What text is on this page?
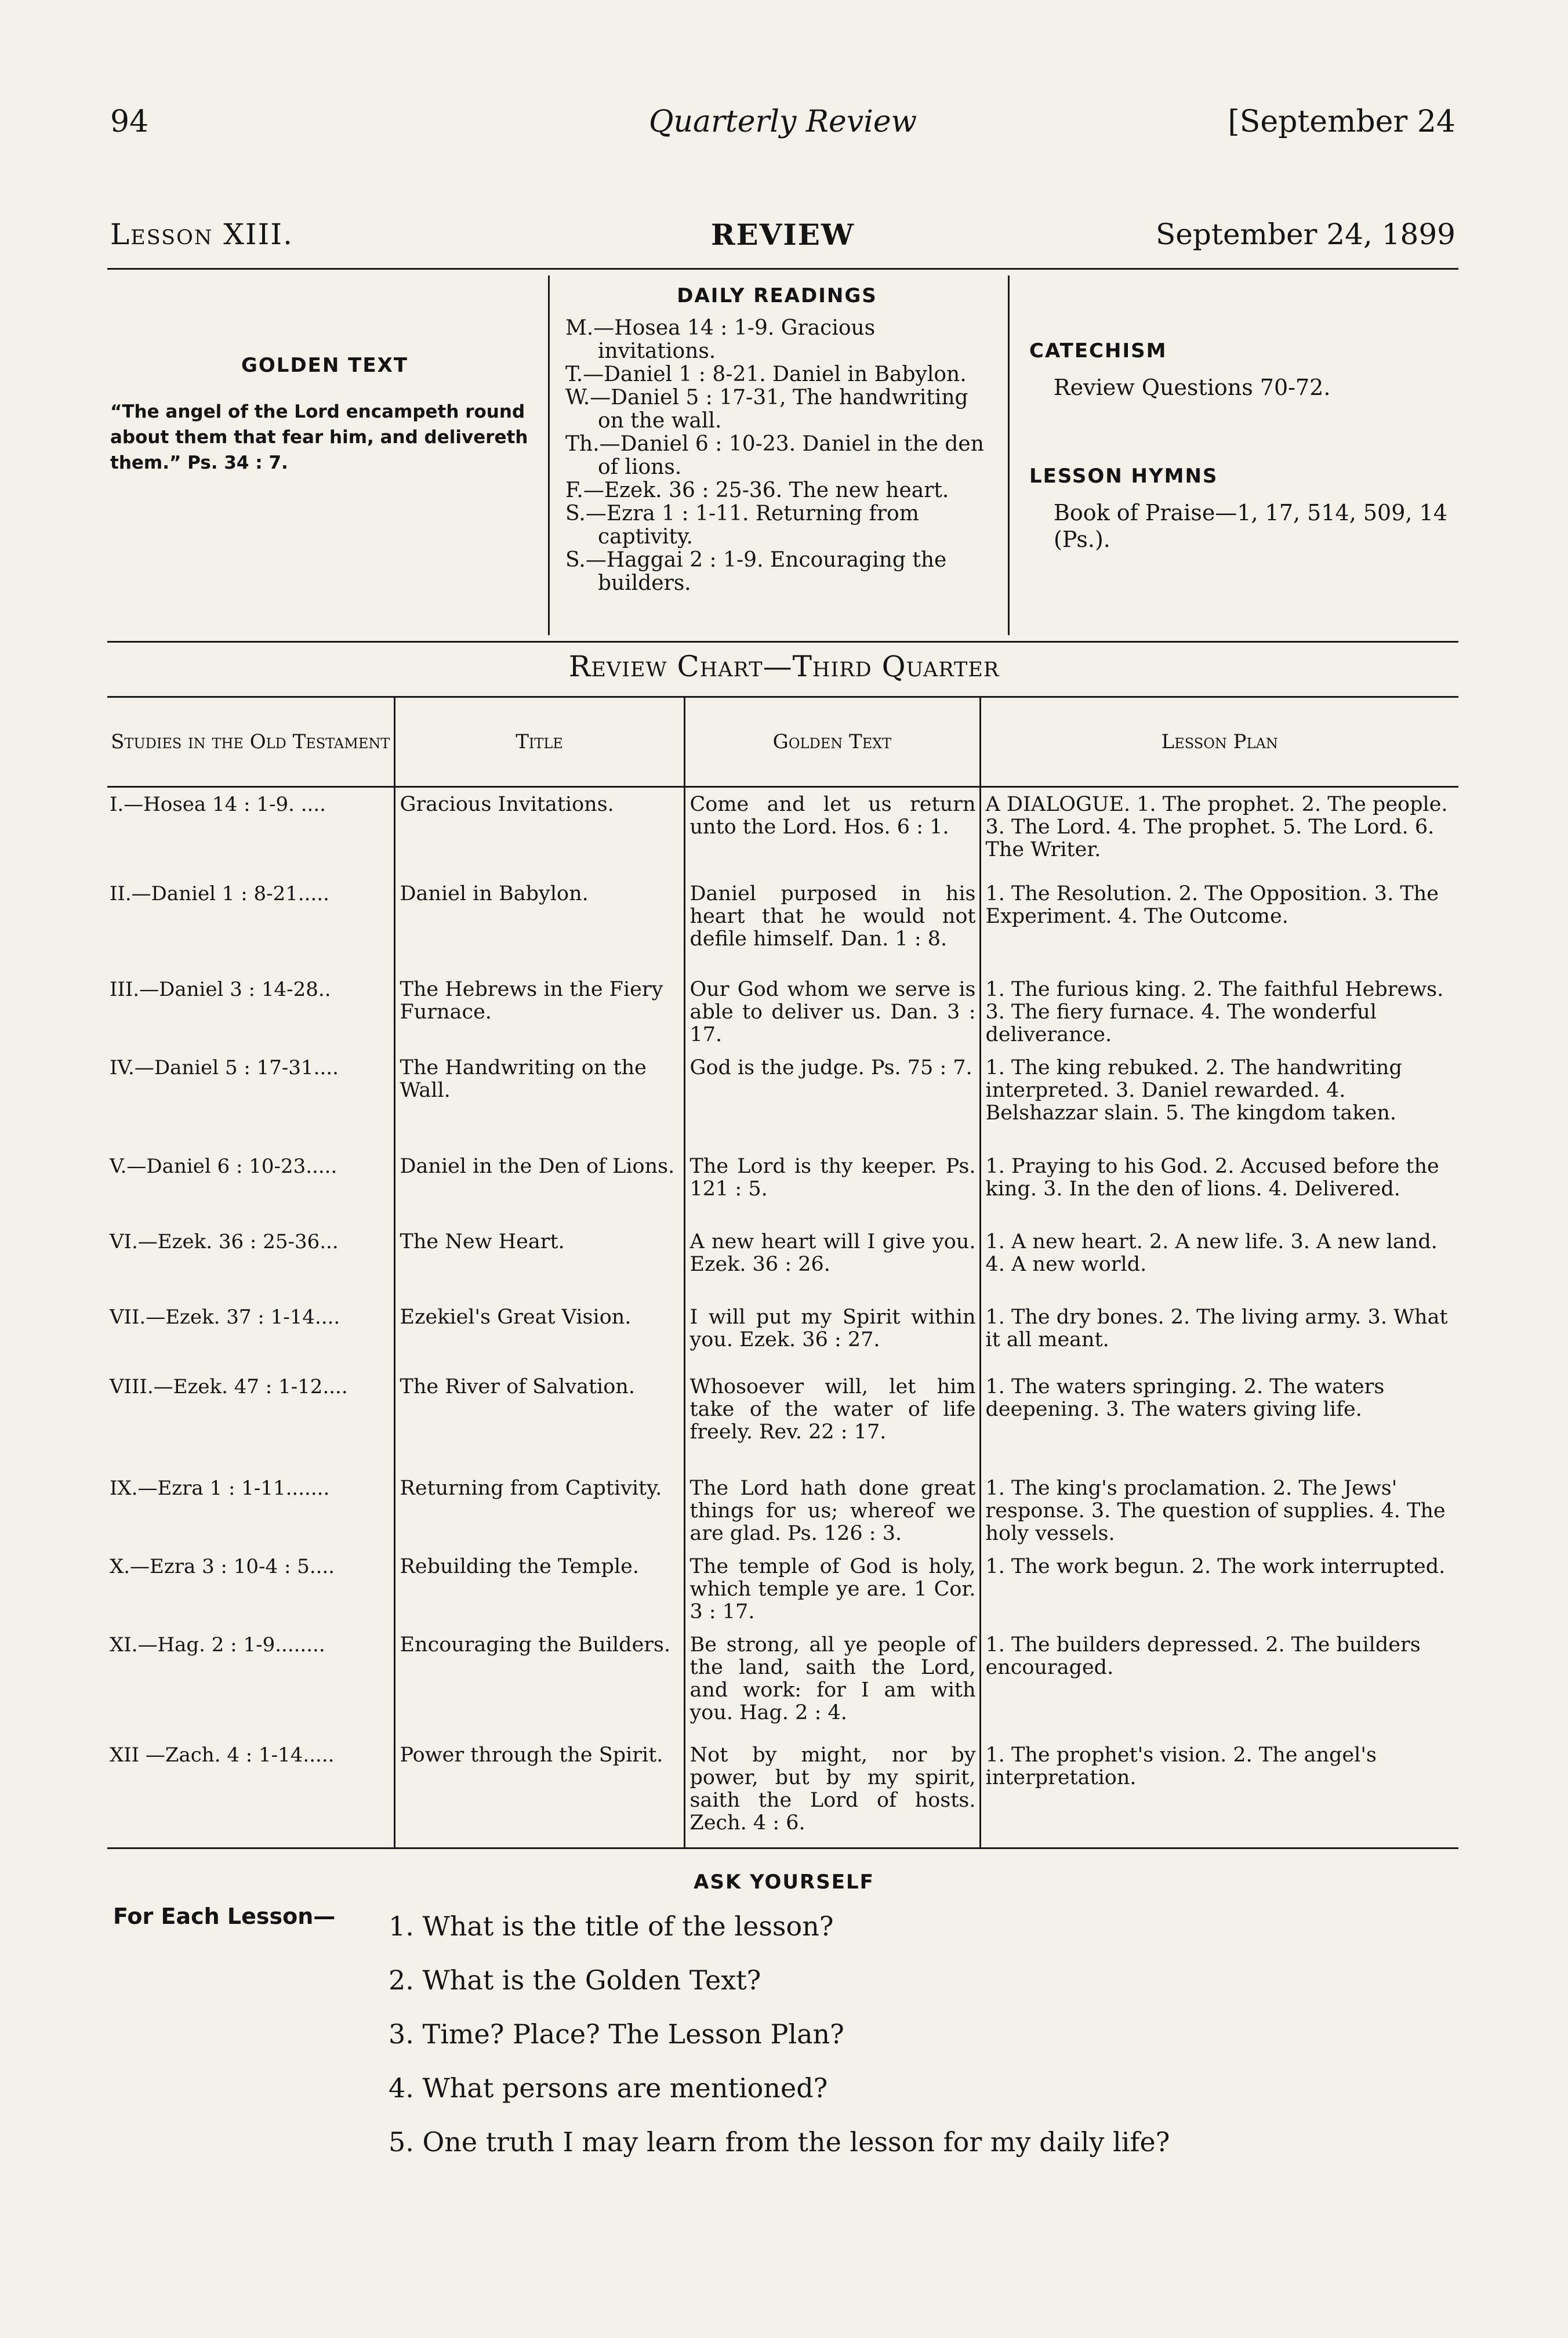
94	Quarterly Review	[September 24
Lesson XIII.	REVIEW	September 24, 1899
GOLDEN TEXT
“The angel of the Lord encampeth round about them that fear him, and delivereth them.” Ps. 34 : 7.
DAILY READINGS
M.—Hosea 14 : 1-9. Gracious invitations.
T.—Daniel 1 : 8-21. Daniel in Babylon.
W.—Daniel 5 : 17-31, The handwriting on the wall.
Th.—Daniel 6 : 10-23. Daniel in the den of lions.
F.—Ezek. 36 : 25-36. The new heart.
S.—Ezra 1 : 1-11. Returning from captivity.
S.—Haggai 2 : 1-9. Encouraging the builders.
CATECHISM
Review Questions 70-72.
LESSON HYMNS
Book of Praise—1, 17, 514, 509, 14 (Ps.).
Review Chart—Third Quarter
Studies in the Old Testament	Title	Golden Text	Lesson Plan
I.—Hosea 14 : 1-9. ....	Gracious Invitations.	Come and let us return unto the Lord. Hos. 6 : 1.	A DIALOGUE. 1. The prophet. 2. The people. 3. The Lord. 4. The prophet. 5. The Lord. 6. The Writer.
II.—Daniel 1 : 8-21.....	Daniel in Babylon.	Daniel purposed in his heart that he would not defile himself. Dan. 1 : 8.	1. The Resolution. 2. The Opposition. 3. The Experiment. 4. The Outcome.
III.—Daniel 3 : 14-28..	The Hebrews in the Fiery Furnace.	Our God whom we serve is able to deliver us. Dan. 3 : 17.	1. The furious king. 2. The faithful Hebrews. 3. The fiery furnace. 4. The wonderful deliverance.
IV.—Daniel 5 : 17-31....	The Handwriting on the Wall.	God is the judge. Ps. 75 : 7.	1. The king rebuked. 2. The handwriting interpreted. 3. Daniel rewarded. 4. Belshazzar slain. 5. The kingdom taken.
V.—Daniel 6 : 10-23.....	Daniel in the Den of Lions.	The Lord is thy keeper. Ps. 121 : 5.	1. Praying to his God. 2. Accused before the king. 3. In the den of lions. 4. Delivered.
VI.—Ezek. 36 : 25-36...	The New Heart.	A new heart will I give you. Ezek. 36 : 26.	1. A new heart. 2. A new life. 3. A new land. 4. A new world.
VII.—Ezek. 37 : 1-14....	Ezekiel's Great Vision.	I will put my Spirit within you. Ezek. 36 : 27.	1. The dry bones. 2. The living army. 3. What it all meant.
VIII.—Ezek. 47 : 1-12....	The River of Salvation.	Whosoever will, let him take of the water of life freely. Rev. 22 : 17.	1. The waters springing. 2. The waters deepening. 3. The waters giving life.
IX.—Ezra 1 : 1-11.......	Returning from Captivity.	The Lord hath done great things for us; whereof we are glad. Ps. 126 : 3.	1. The king's proclamation. 2. The Jews' response. 3. The question of supplies. 4. The holy vessels.
X.—Ezra 3 : 10-4 : 5....	Rebuilding the Temple.	The temple of God is holy, which temple ye are. 1 Cor. 3 : 17.	1. The work begun. 2. The work interrupted.
XI.—Hag. 2 : 1-9........	Encouraging the Builders.	Be strong, all ye people of the land, saith the Lord, and work: for I am with you. Hag. 2 : 4.	1. The builders depressed. 2. The builders encouraged.
XII —Zach. 4 : 1-14.....	Power through the Spirit.	Not by might, nor by power, but by my spirit, saith the Lord of hosts. Zech. 4 : 6.	1. The prophet's vision. 2. The angel's interpretation.
ASK YOURSELF
For Each Lesson— 1. What is the title of the lesson?
2. What is the Golden Text?
3. Time? Place? The Lesson Plan?
4. What persons are mentioned?
5. One truth I may learn from the lesson for my daily life?
